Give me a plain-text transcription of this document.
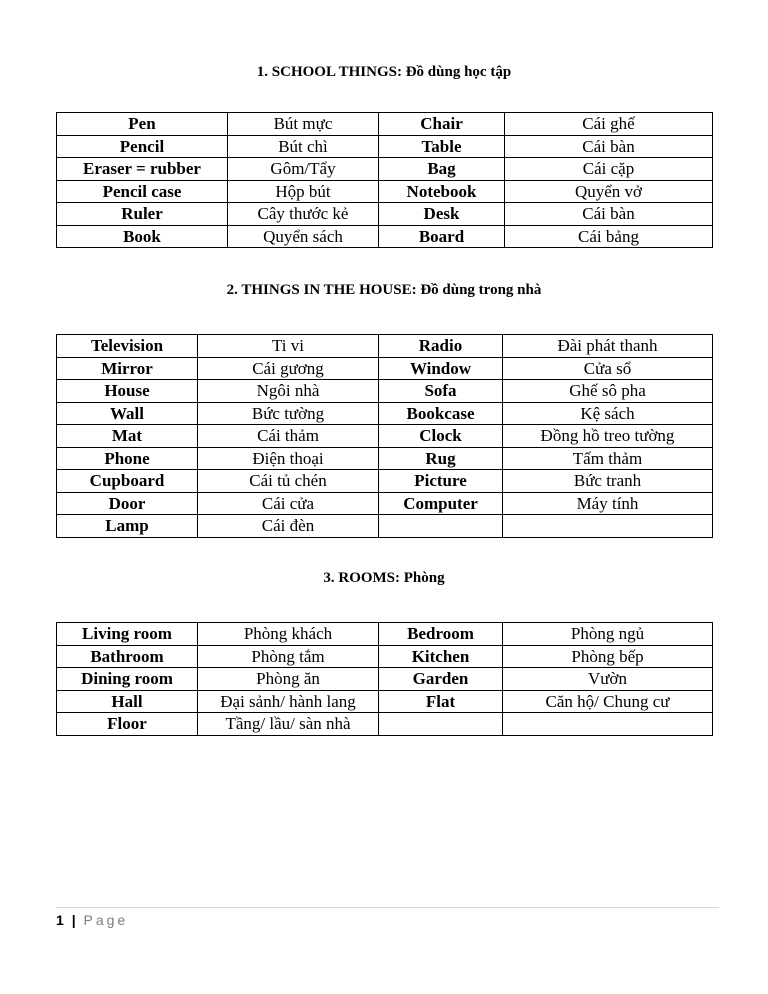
1. SCHOOL THINGS: Đồ dùng học tập
Pen	Bút mực	Chair	Cái ghế
Pencil	Bút chì	Table	Cái bàn
Eraser = rubber	Gôm/Tẩy	Bag	Cái cặp
Pencil case	Hộp bút	Notebook	Quyển vở
Ruler	Cây thước kẻ	Desk	Cái bàn
Book	Quyển sách	Board	Cái bảng
2. THINGS IN THE HOUSE: Đồ dùng trong nhà
Television	Ti vi	Radio	Đài phát thanh
Mirror	Cái gương	Window	Cửa sổ
House	Ngôi nhà	Sofa	Ghế sô pha
Wall	Bức tường	Bookcase	Kệ sách
Mat	Cái thảm	Clock	Đồng hồ treo tường
Phone	Điện thoại	Rug	Tấm thảm
Cupboard	Cái tủ chén	Picture	Bức tranh
Door	Cái cửa	Computer	Máy tính
Lamp	Cái đèn		
3. ROOMS: Phòng
Living room	Phòng khách	Bedroom	Phòng ngủ
Bathroom	Phòng tắm	Kitchen	Phòng bếp
Dining room	Phòng ăn	Garden	Vườn
Hall	Đại sảnh/ hành lang	Flat	Căn hộ/ Chung cư
Floor	Tầng/ lầu/ sàn nhà		
1 | Page
